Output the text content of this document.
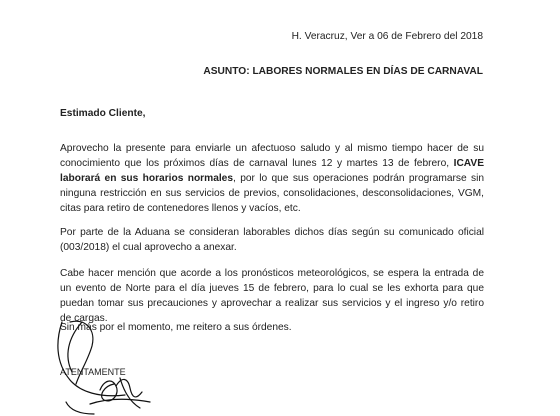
H. Veracruz, Ver a 06 de Febrero del 2018
ASUNTO: LABORES NORMALES EN DÍAS DE CARNAVAL
Estimado Cliente,

Aprovecho la presente para enviarle un afectuoso saludo y al mismo tiempo hacer de su conocimiento que los próximos días de carnaval lunes 12 y martes 13 de febrero, ICAVE laborará en sus horarios normales, por lo que sus operaciones podrán programarse sin ninguna restricción en sus servicios de previos, consolidaciones, desconsolidaciones, VGM, citas para retiro de contenedores llenos y vacíos, etc.

Por parte de la Aduana se consideran laborables dichos días según su comunicado oficial (003/2018) el cual aprovecho a anexar.

Cabe hacer mención que acorde a los pronósticos meteorológicos, se espera la entrada de un evento de Norte para el día jueves 15 de febrero, para lo cual se les exhorta para que puedan tomar sus precauciones y aprovechar a realizar sus servicios y el ingreso y/o retiro de cargas.

Sin más por el momento, me reitero a sus órdenes.

ATENTAMENTE
